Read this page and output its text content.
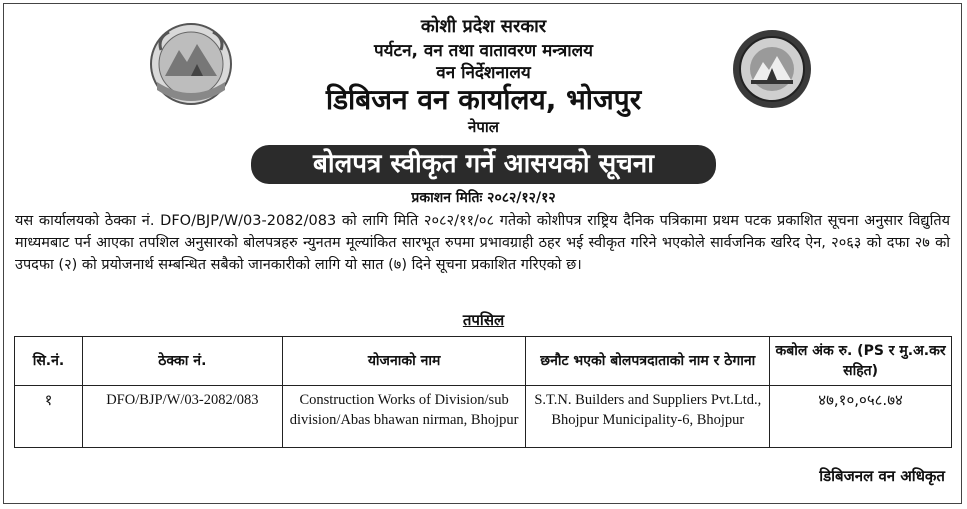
कोशी प्रदेश सरकार
पर्यटन, वन तथा वातावरण मन्त्रालय
वन निर्देशनालय
डिबिजन वन कार्यालय, भोजपुर
नेपाल
बोलपत्र स्वीकृत गर्ने आसयको सूचना
प्रकाशन मितिः २०८२/१२/१२

यस कार्यालयको ठेक्का नं. DFO/BJP/W/03-2082/083 को लागि मिति २०८२/११/०८ गतेको कोशीपत्र राष्ट्रिय दैनिक पत्रिकामा प्रथम पटक प्रकाशित सूचना अनुसार विद्युतिय माध्यमबाट पर्न आएका तपशिल अनुसारको बोलपत्रहरु न्युनतम मूल्यांकित सारभूत रुपमा प्रभावग्राही ठहर भई स्वीकृत गरिने भएकोले सार्वजनिक खरिद ऐन, २०६३ को दफा २७ को उपदफा (२) को प्रयोजनार्थ सम्बन्धित सबैको जानकारीको लागि यो सात (७) दिने सूचना प्रकाशित गरिएको छ।

तपसिल
सि.नं.	ठेक्का नं.	योजनाको नाम	छनौट भएको बोलपत्रदाताको नाम र ठेगाना	कबोल अंक रु. (PS र मु.अ.कर सहित)
१	DFO/BJP/W/03-2082/083	Construction Works of Division/sub division/Abas bhawan nirman, Bhojpur	S.T.N. Builders and Suppliers Pvt.Ltd., Bhojpur Municipality-6, Bhojpur	४७,१०,०५८.७४
डिबिजनल वन अधिकृत
